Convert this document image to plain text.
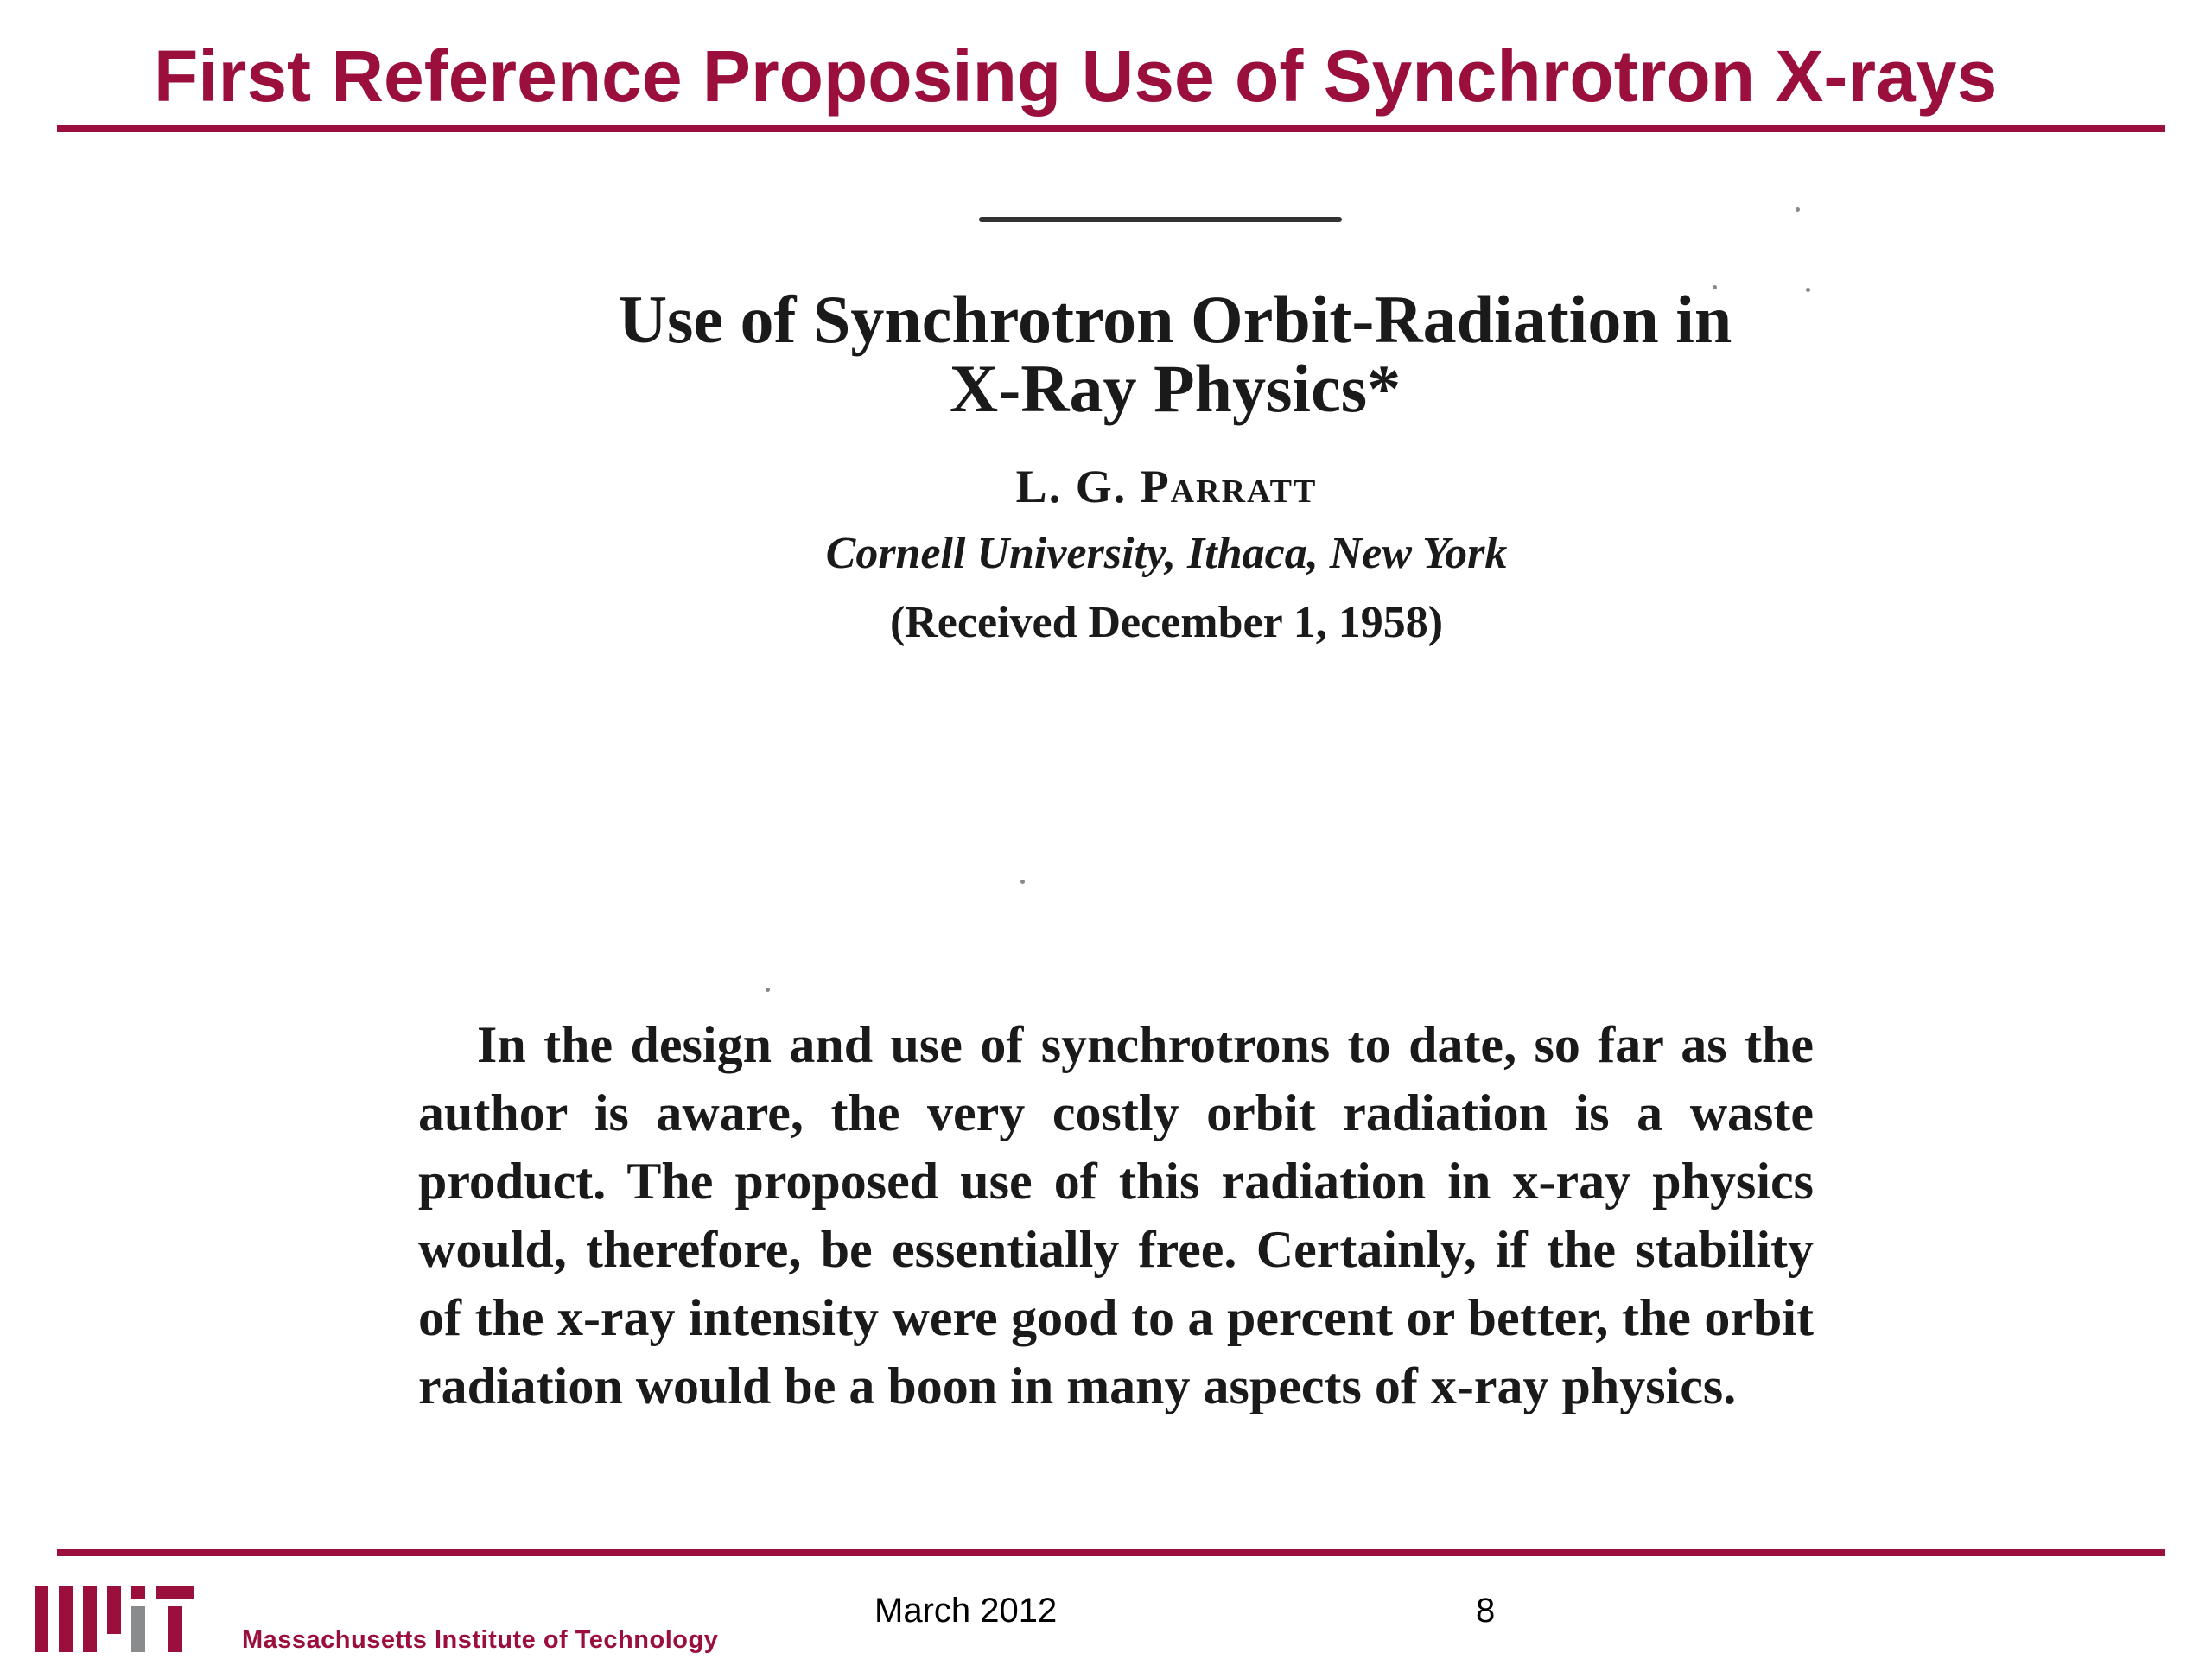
First Reference Proposing Use of Synchrotron X-rays
Use of Synchrotron Orbit-Radiation in
X-Ray Physics*
L. G. Parratt
Cornell University, Ithaca, New York
(Received December 1, 1958)
In the design and use of synchrotrons to date, so far as the author is aware, the very costly orbit radiation is a waste product. The proposed use of this radiation in x-ray physics would, therefore, be essentially free. Certainly, if the stability of the x-ray intensity were good to a percent or better, the orbit radiation would be a boon in many aspects of x-ray physics.
Massachusetts Institute of Technology
March 2012	8
